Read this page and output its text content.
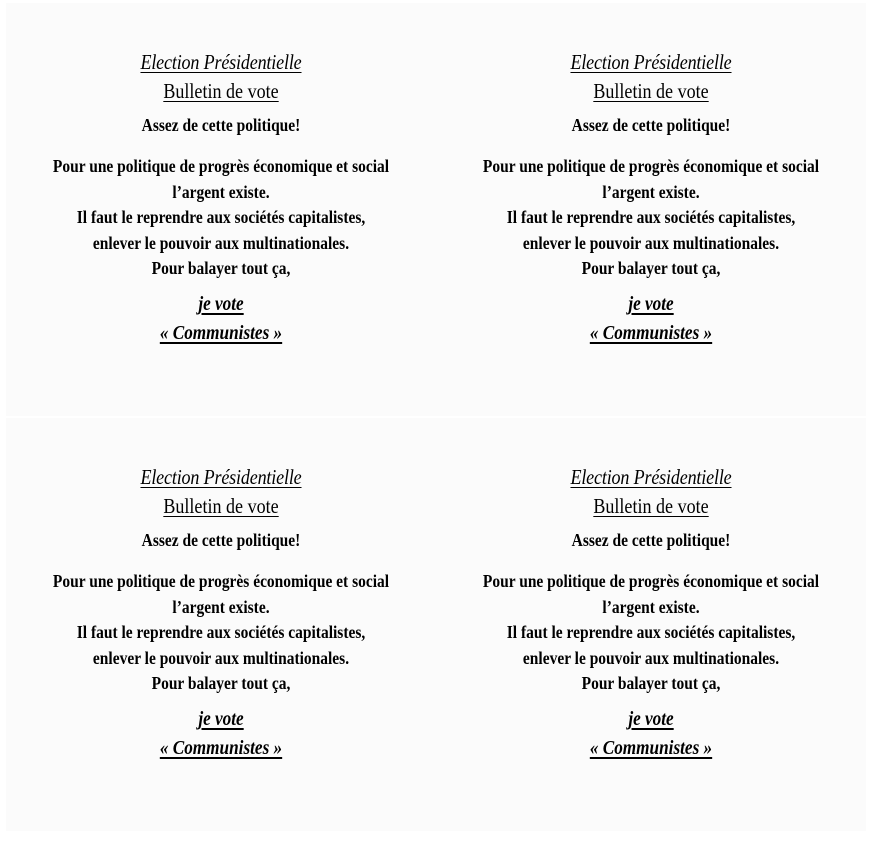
Election Présidentielle
Bulletin de vote
Assez de cette politique!
Pour une politique de progrès économique et social
l’argent existe.
Il faut le reprendre aux sociétés capitalistes,
enlever le pouvoir aux multinationales.
Pour balayer tout ça,
je vote
« Communistes »
Election Présidentielle
Bulletin de vote
Assez de cette politique!
Pour une politique de progrès économique et social
l’argent existe.
Il faut le reprendre aux sociétés capitalistes,
enlever le pouvoir aux multinationales.
Pour balayer tout ça,
je vote
« Communistes »
Election Présidentielle
Bulletin de vote
Assez de cette politique!
Pour une politique de progrès économique et social
l’argent existe.
Il faut le reprendre aux sociétés capitalistes,
enlever le pouvoir aux multinationales.
Pour balayer tout ça,
je vote
« Communistes »
Election Présidentielle
Bulletin de vote
Assez de cette politique!
Pour une politique de progrès économique et social
l’argent existe.
Il faut le reprendre aux sociétés capitalistes,
enlever le pouvoir aux multinationales.
Pour balayer tout ça,
je vote
« Communistes »
